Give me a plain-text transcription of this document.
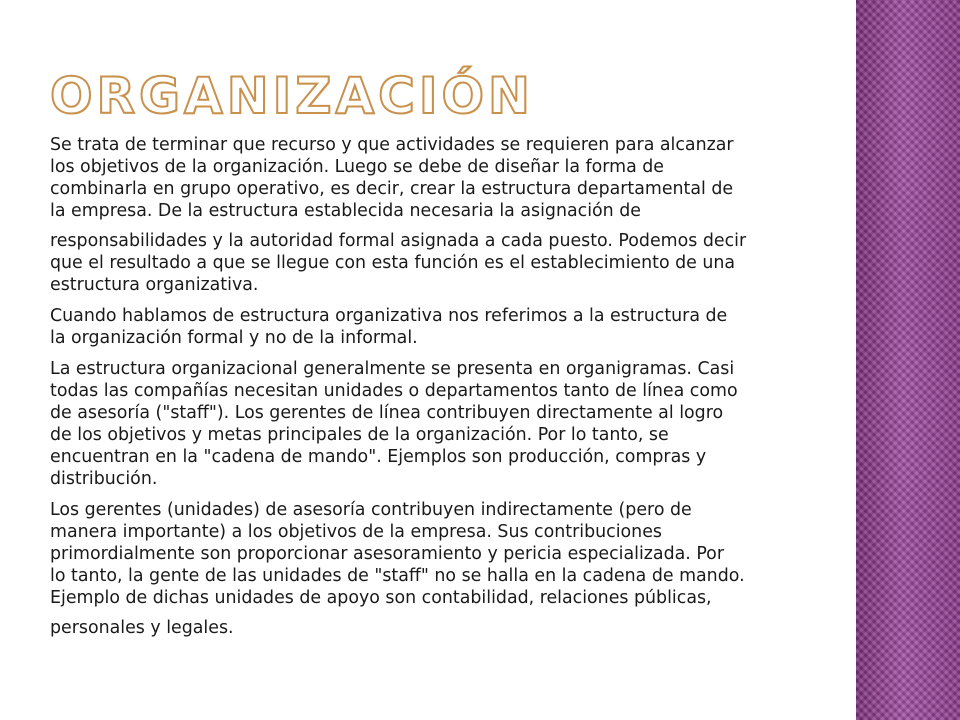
ORGANIZACIÓN

Se trata de terminar que recurso y que actividades se requieren para alcanzar
los objetivos de la organización. Luego se debe de diseñar la forma de
combinarla en grupo operativo, es decir, crear la estructura departamental de
la empresa. De la estructura establecida necesaria la asignación de
responsabilidades y la autoridad formal asignada a cada puesto. Podemos decir
que el resultado a que se llegue con esta función es el establecimiento de una
estructura organizativa.

Cuando hablamos de estructura organizativa nos referimos a la estructura de
la organización formal y no de la informal.

La estructura organizacional generalmente se presenta en organigramas. Casi
todas las compañías necesitan unidades o departamentos tanto de línea como
de asesoría ("staff"). Los gerentes de línea contribuyen directamente al logro
de los objetivos y metas principales de la organización. Por lo tanto, se
encuentran en la "cadena de mando". Ejemplos son producción, compras y
distribución.

Los gerentes (unidades) de asesoría contribuyen indirectamente (pero de
manera importante) a los objetivos de la empresa. Sus contribuciones
primordialmente son proporcionar asesoramiento y pericia especializada. Por
lo tanto, la gente de las unidades de "staff" no se halla en la cadena de mando.
Ejemplo de dichas unidades de apoyo son contabilidad, relaciones públicas,
personales y legales.
